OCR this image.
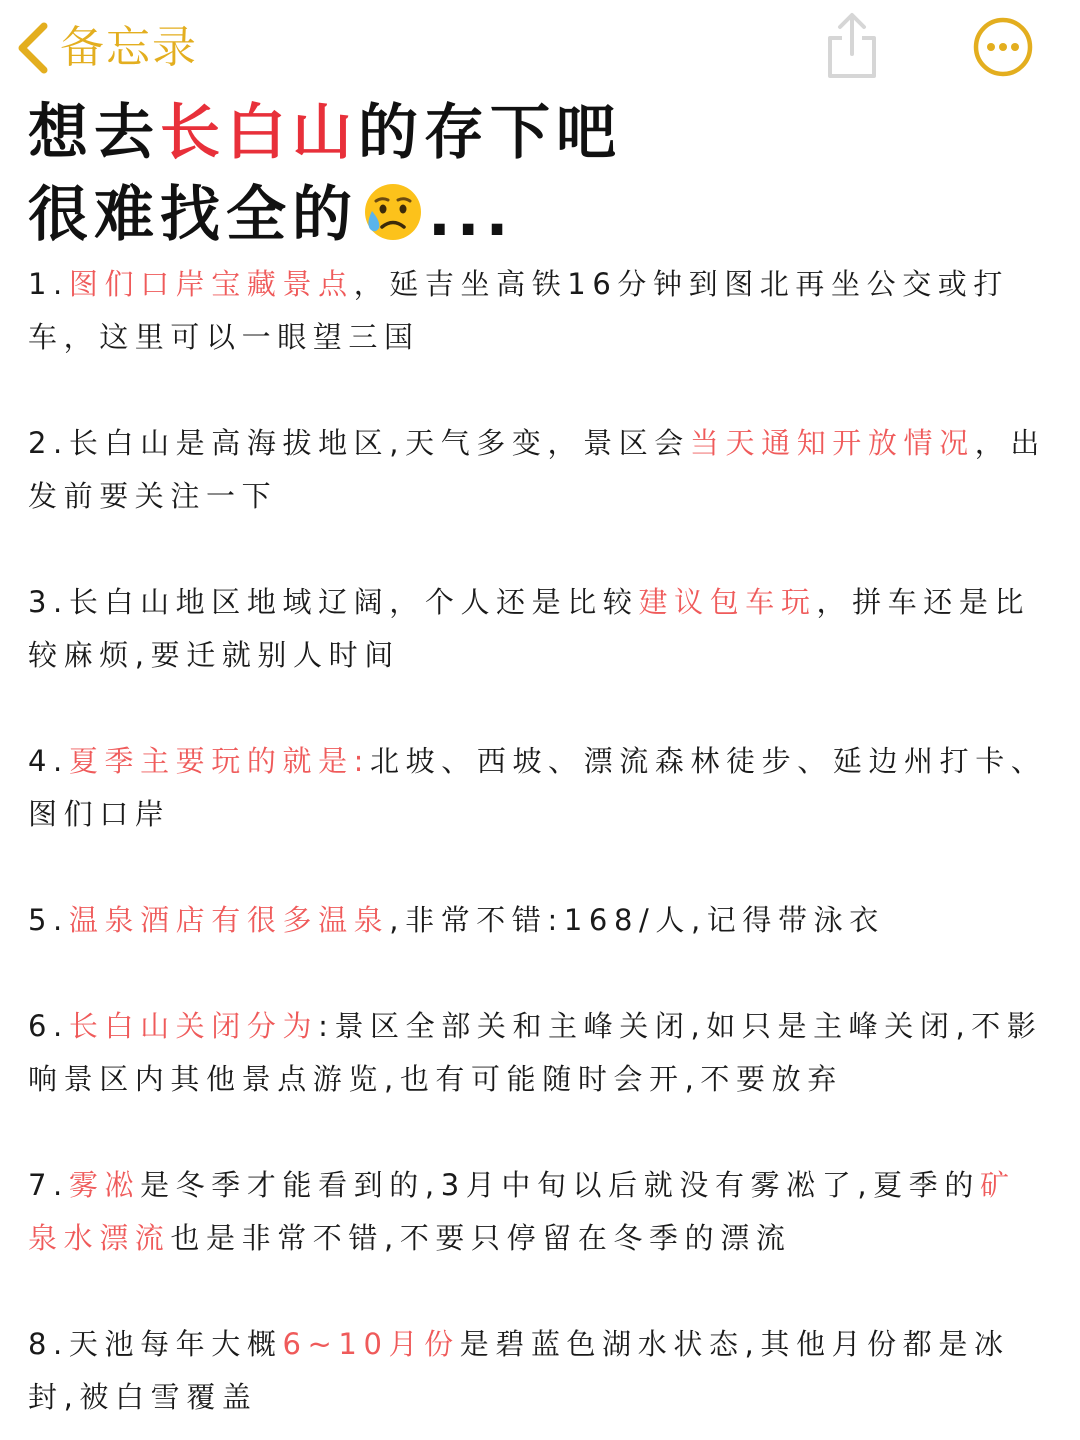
备忘录
想去长白山的存下吧
很难找全的 ...
1.图们口岸宝藏景点，延吉坐高铁16分钟到图北再坐公交或打车，这里可以一眼望三国
2.长白山是高海拔地区,天气多变，景区会当天通知开放情况，出发前要关注一下
3.长白山地区地域辽阔，个人还是比较建议包车玩，拼车还是比较麻烦,要迁就别人时间
4.夏季主要玩的就是:北坡、西坡、漂流森林徒步、延边州打卡、图们口岸
5.温泉酒店有很多温泉,非常不错:168/人,记得带泳衣
6.长白山关闭分为:景区全部关和主峰关闭,如只是主峰关闭,不影响景区内其他景点游览,也有可能随时会开,不要放弃
7.雾凇是冬季才能看到的,3月中旬以后就没有雾凇了,夏季的矿泉水漂流也是非常不错,不要只停留在冬季的漂流
8.天池每年大概6~10月份是碧蓝色湖水状态,其他月份都是冰封,被白雪覆盖
